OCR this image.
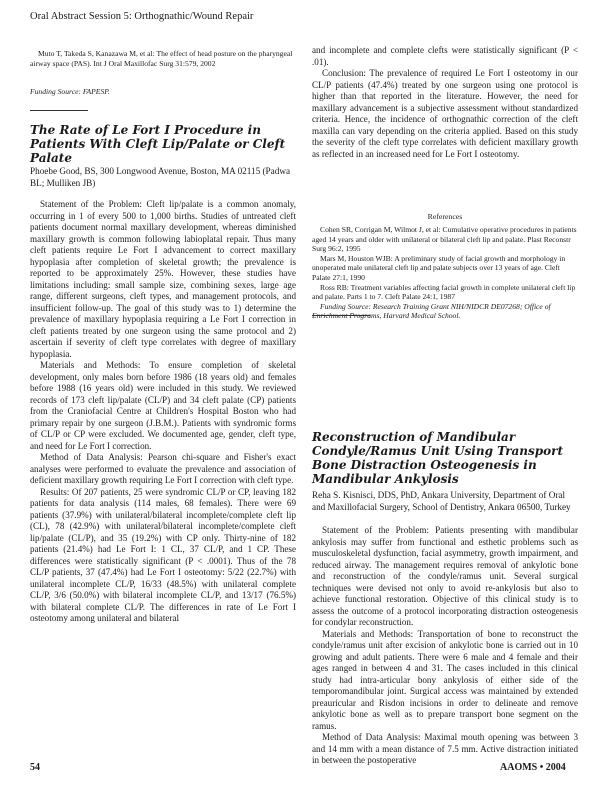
Oral Abstract Session 5: Orthognathic/Wound Repair
Muto T, Takeda S, Kanazawa M, et al: The effect of head posture on the pharyngeal airway space (PAS). Int J Oral Maxillofac Surg 31:579, 2002
Funding Source: FAPESP.
The Rate of Le Fort I Procedure in Patients With Cleft Lip/Palate or Cleft Palate

Phoebe Good, BS, 300 Longwood Avenue, Boston, MA 02115 (Padwa BL; Mulliken JB)

Statement of the Problem: Cleft lip/palate is a common anomaly, occurring in 1 of every 500 to 1,000 births. Studies of untreated cleft patients document normal maxillary development, whereas diminished maxillary growth is common following labioplatal repair. Thus many cleft patients require Le Fort I advancement to correct maxillary hypoplasia after completion of skeletal growth; the prevalence is reported to be approximately 25%. However, these studies have limitations including: small sample size, combining sexes, large age range, different surgeons, cleft types, and management protocols, and insufficient follow-up. The goal of this study was to 1) determine the prevalence of maxillary hypoplasia requiring a Le Fort I correction in cleft patients treated by one surgeon using the same protocol and 2) ascertain if severity of cleft type correlates with degree of maxillary hypoplasia.

Materials and Methods: To ensure completion of skeletal development, only males born before 1986 (18 years old) and females before 1988 (16 years old) were included in this study. We reviewed records of 173 cleft lip/palate (CL/P) and 34 cleft palate (CP) patients from the Craniofacial Centre at Children's Hospital Boston who had primary repair by one surgeon (J.B.M.). Patients with syndromic forms of CL/P or CP were excluded. We documented age, gender, cleft type, and need for Le Fort I correction.

Method of Data Analysis: Pearson chi-square and Fisher's exact analyses were performed to evaluate the prevalence and association of deficient maxillary growth requiring Le Fort I correction with cleft type.

Results: Of 207 patients, 25 were syndromic CL/P or CP, leaving 182 patients for data analysis (114 males, 68 females). There were 69 patients (37.9%) with unilateral/bilateral incomplete/complete cleft lip (CL), 78 (42.9%) with unilateral/bilateral incomplete/complete cleft lip/palate (CL/P), and 35 (19.2%) with CP only. Thirty-nine of 182 patients (21.4%) had Le Fort I: 1 CL, 37 CL/P, and 1 CP. These differences were statistically significant (P < .0001). Thus of the 78 CL/P patients, 37 (47.4%) had Le Fort I osteotomy: 5/22 (22.7%) with unilateral incomplete CL/P, 16/33 (48.5%) with unilateral complete CL/P, 3/6 (50.0%) with bilateral incomplete CL/P, and 13/17 (76.5%) with bilateral complete CL/P. The differences in rate of Le Fort I osteotomy among unilateral and bilateral

and incomplete and complete clefts were statistically significant (P < .01).

Conclusion: The prevalence of required Le Fort I osteotomy in our CL/P patients (47.4%) treated by one surgeon using one protocol is higher than that reported in the literature. However, the need for maxillary advancement is a subjective assessment without standardized criteria. Hence, the incidence of orthognathic correction of the cleft maxilla can vary depending on the criteria applied. Based on this study the severity of the cleft type correlates with deficient maxillary growth as reflected in an increased need for Le Fort I osteotomy.

References

Cohen SR, Corrigan M, Wilmot J, et al: Cumulative operative procedures in patients aged 14 years and older with unilateral or bilateral cleft lip and palate. Plast Reconstr Surg 96:2, 1995

Mars M, Houston WJB: A preliminary study of facial growth and morphology in unoperated male unilateral cleft lip and palate subjects over 13 years of age. Cleft Palate 27:1, 1990

Ross RB: Treatment variables affecting facial growth in complete unilateral cleft lip and palate. Parts 1 to 7. Cleft Palate 24:1, 1987

Funding Source: Research Training Grant NIH/NIDCR DE07268; Office of Enrichment Programs, Harvard Medical School.

Reconstruction of Mandibular Condyle/Ramus Unit Using Transport Bone Distraction Osteogenesis in Mandibular Ankylosis

Reha S. Kisnisci, DDS, PhD, Ankara University, Department of Oral and Maxillofacial Surgery, School of Dentistry, Ankara 06500, Turkey

Statement of the Problem: Patients presenting with mandibular ankylosis may suffer from functional and esthetic problems such as musculoskeletal dysfunction, facial asymmetry, growth impairment, and reduced airway. The management requires removal of ankylotic bone and reconstruction of the condyle/ramus unit. Several surgical techniques were devised not only to avoid re-ankylosis but also to achieve functional restoration. Objective of this clinical study is to assess the outcome of a protocol incorporating distraction osteogenesis for condylar reconstruction.

Materials and Methods: Transportation of bone to reconstruct the condyle/ramus unit after excision of ankylotic bone is carried out in 10 growing and adult patients. There were 6 male and 4 female and their ages ranged in between 4 and 31. The cases included in this clinical study had intra-articular bony ankylosis of either side of the temporomandibular joint. Surgical access was maintained by extended preauricular and Risdon incisions in order to delineate and remove ankylotic bone as well as to prepare transport bone segment on the ramus.

Method of Data Analysis: Maximal mouth opening was between 3 and 14 mm with a mean distance of 7.5 mm. Active distraction initiated in between the postoperative

54	AAOMS • 2004
